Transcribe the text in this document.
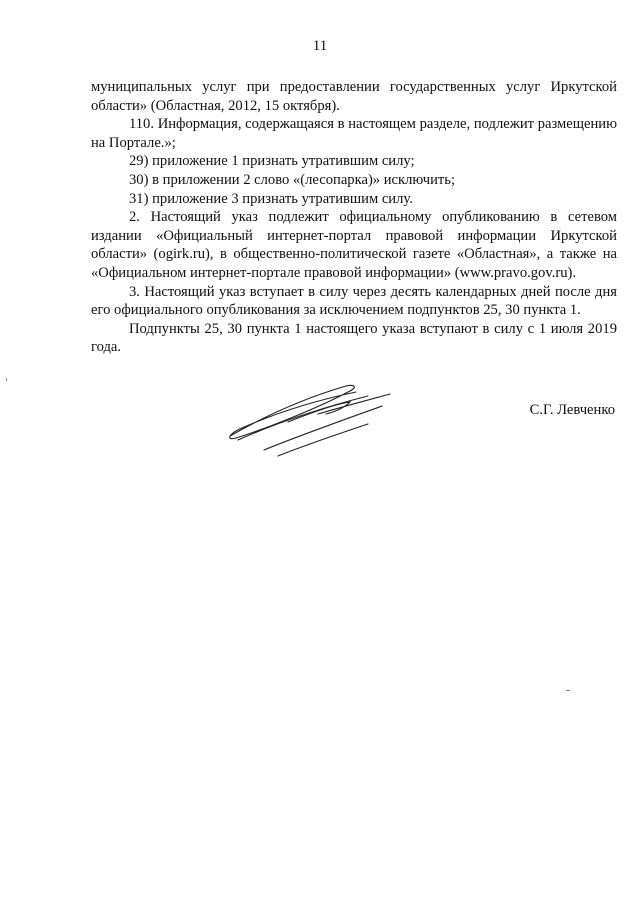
11

муниципальных услуг при предоставлении государственных услуг Иркутской области» (Областная, 2012, 15 октября).

110. Информация, содержащаяся в настоящем разделе, подлежит размещению на Портале.»;

29) приложение 1 признать утратившим силу;

30) в приложении 2 слово «(лесопарка)» исключить;

31) приложение 3 признать утратившим силу.

2. Настоящий указ подлежит официальному опубликованию в сетевом издании «Официальный интернет-портал правовой информации Иркутской области» (ogirk.ru), в общественно-политической газете «Областная», а также на «Официальном интернет-портале правовой информации» (www.pravo.gov.ru).

3. Настоящий указ вступает в силу через десять календарных дней после дня его официального опубликования за исключением подпунктов 25, 30 пункта 1.

Подпункты 25, 30 пункта 1 настоящего указа вступают в силу с 1 июля 2019 года.

С.Г. Левченко
